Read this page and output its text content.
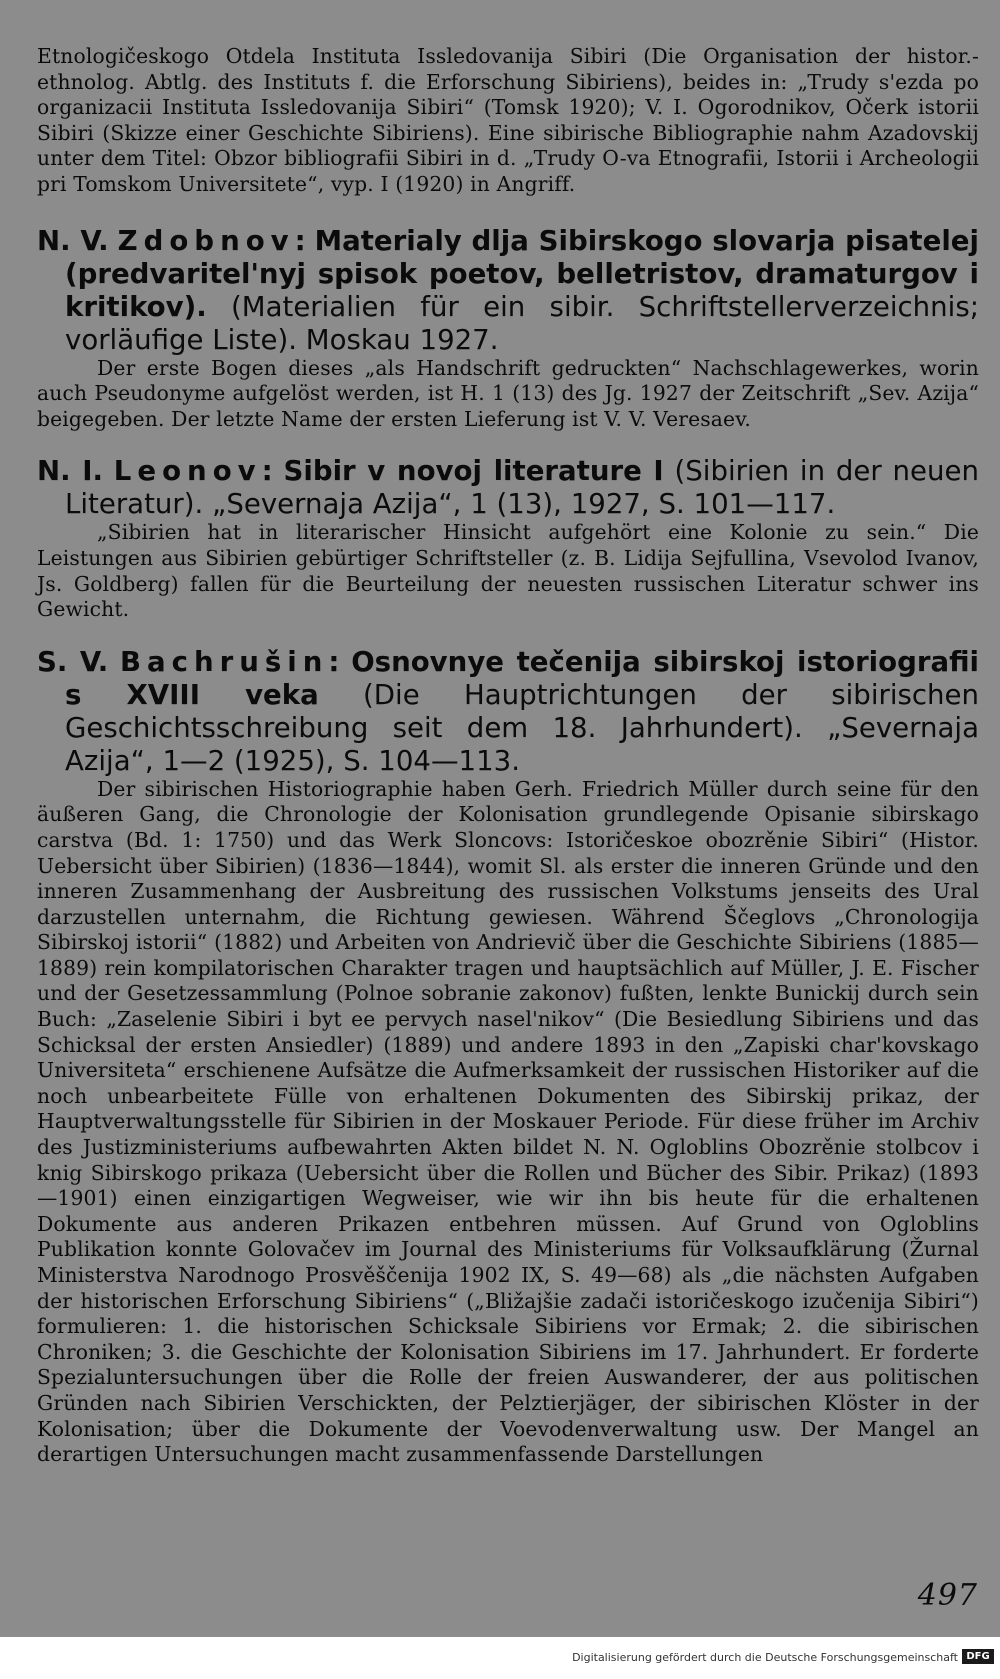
Etnologičeskogo Otdela Instituta Issledovanija Sibiri (Die Organisation der histor.-ethnolog. Abtlg. des Instituts f. die Erforschung Sibiriens), beides in: „Trudy s'ezda po organizacii Instituta Issledovanija Sibiri“ (Tomsk 1920); V. I. Ogorodnikov, Očerk istorii Sibiri (Skizze einer Geschichte Sibiriens). Eine sibirische Bibliographie nahm Azadovskij unter dem Titel: Obzor bibliografii Sibiri in d. „Trudy O-va Etnografii, Istorii i Archeologii pri Tomskom Universitete“, vyp. I (1920) in Angriff.

N. V. Zdobnov: Materialy dlja Sibirskogo slovarja pisatelej (predvaritel'nyj spisok poetov, belletristov, dramaturgov i kritikov). (Materialien für ein sibir. Schriftstellerverzeichnis; vorläufige Liste). Moskau 1927.

Der erste Bogen dieses „als Handschrift gedruckten“ Nachschlagewerkes, worin auch Pseudonyme aufgelöst werden, ist H. 1 (13) des Jg. 1927 der Zeitschrift „Sev. Azija“ beigegeben. Der letzte Name der ersten Lieferung ist V. V. Veresaev.

N. I. Leonov: Sibir v novoj literature I (Sibirien in der neuen Literatur). „Severnaja Azija“, 1 (13), 1927, S. 101—117.

„Sibirien hat in literarischer Hinsicht aufgehört eine Kolonie zu sein.“ Die Leistungen aus Sibirien gebürtiger Schriftsteller (z. B. Lidija Sejfullina, Vsevolod Ivanov, Js. Goldberg) fallen für die Beurteilung der neuesten russischen Literatur schwer ins Gewicht.

S. V. Bachrušin: Osnovnye tečenija sibirskoj istoriografii s XVIII veka (Die Hauptrichtungen der sibirischen Geschichtsschreibung seit dem 18. Jahrhundert). „Severnaja Azija“, 1—2 (1925), S. 104—113.

Der sibirischen Historiographie haben Gerh. Friedrich Müller durch seine für den äußeren Gang, die Chronologie der Kolonisation grundlegende Opisanie sibirskago carstva (Bd. 1: 1750) und das Werk Sloncovs: Istoričeskoe obozrěnie Sibiri“ (Histor. Uebersicht über Sibirien) (1836—1844), womit Sl. als erster die inneren Gründe und den inneren Zusammenhang der Ausbreitung des russischen Volkstums jenseits des Ural darzustellen unternahm, die Richtung gewiesen. Während Ščeglovs „Chronologija Sibirskoj istorii“ (1882) und Arbeiten von Andrievič über die Geschichte Sibiriens (1885—1889) rein kompilatorischen Charakter tragen und hauptsächlich auf Müller, J. E. Fischer und der Gesetzessammlung (Polnoe sobranie zakonov) fußten, lenkte Bunickij durch sein Buch: „Zaselenie Sibiri i byt ee pervych nasel'nikov“ (Die Besiedlung Sibiriens und das Schicksal der ersten Ansiedler) (1889) und andere 1893 in den „Zapiski char'kovskago Universiteta“ erschienene Aufsätze die Aufmerksamkeit der russischen Historiker auf die noch unbearbeitete Fülle von erhaltenen Dokumenten des Sibirskij prikaz, der Hauptverwaltungsstelle für Sibirien in der Moskauer Periode. Für diese früher im Archiv des Justizministeriums aufbewahrten Akten bildet N. N. Ogloblins Obozrěnie stolbcov i knig Sibirskogo prikaza (Uebersicht über die Rollen und Bücher des Sibir. Prikaz) (1893—1901) einen einzigartigen Wegweiser, wie wir ihn bis heute für die erhaltenen Dokumente aus anderen Prikazen entbehren müssen. Auf Grund von Ogloblins Publikation konnte Golovačev im Journal des Ministeriums für Volksaufklärung (Žurnal Ministerstva Narodnogo Prosvěščenija 1902 IX, S. 49—68) als „die nächsten Aufgaben der historischen Erforschung Sibiriens“ („Bližajšie zadači istoričeskogo izučenija Sibiri“) formulieren: 1. die historischen Schicksale Sibiriens vor Ermak; 2. die sibirischen Chroniken; 3. die Geschichte der Kolonisation Sibiriens im 17. Jahrhundert. Er forderte Spezialuntersuchungen über die Rolle der freien Auswanderer, der aus politischen Gründen nach Sibirien Verschickten, der Pelztierjäger, der sibirischen Klöster in der Kolonisation; über die Dokumente der Voevodenverwaltung usw. Der Mangel an derartigen Untersuchungen macht zusammenfassende Darstellungen

497
Digitalisierung gefördert durch die Deutsche Forschungsgemeinschaft DFG
